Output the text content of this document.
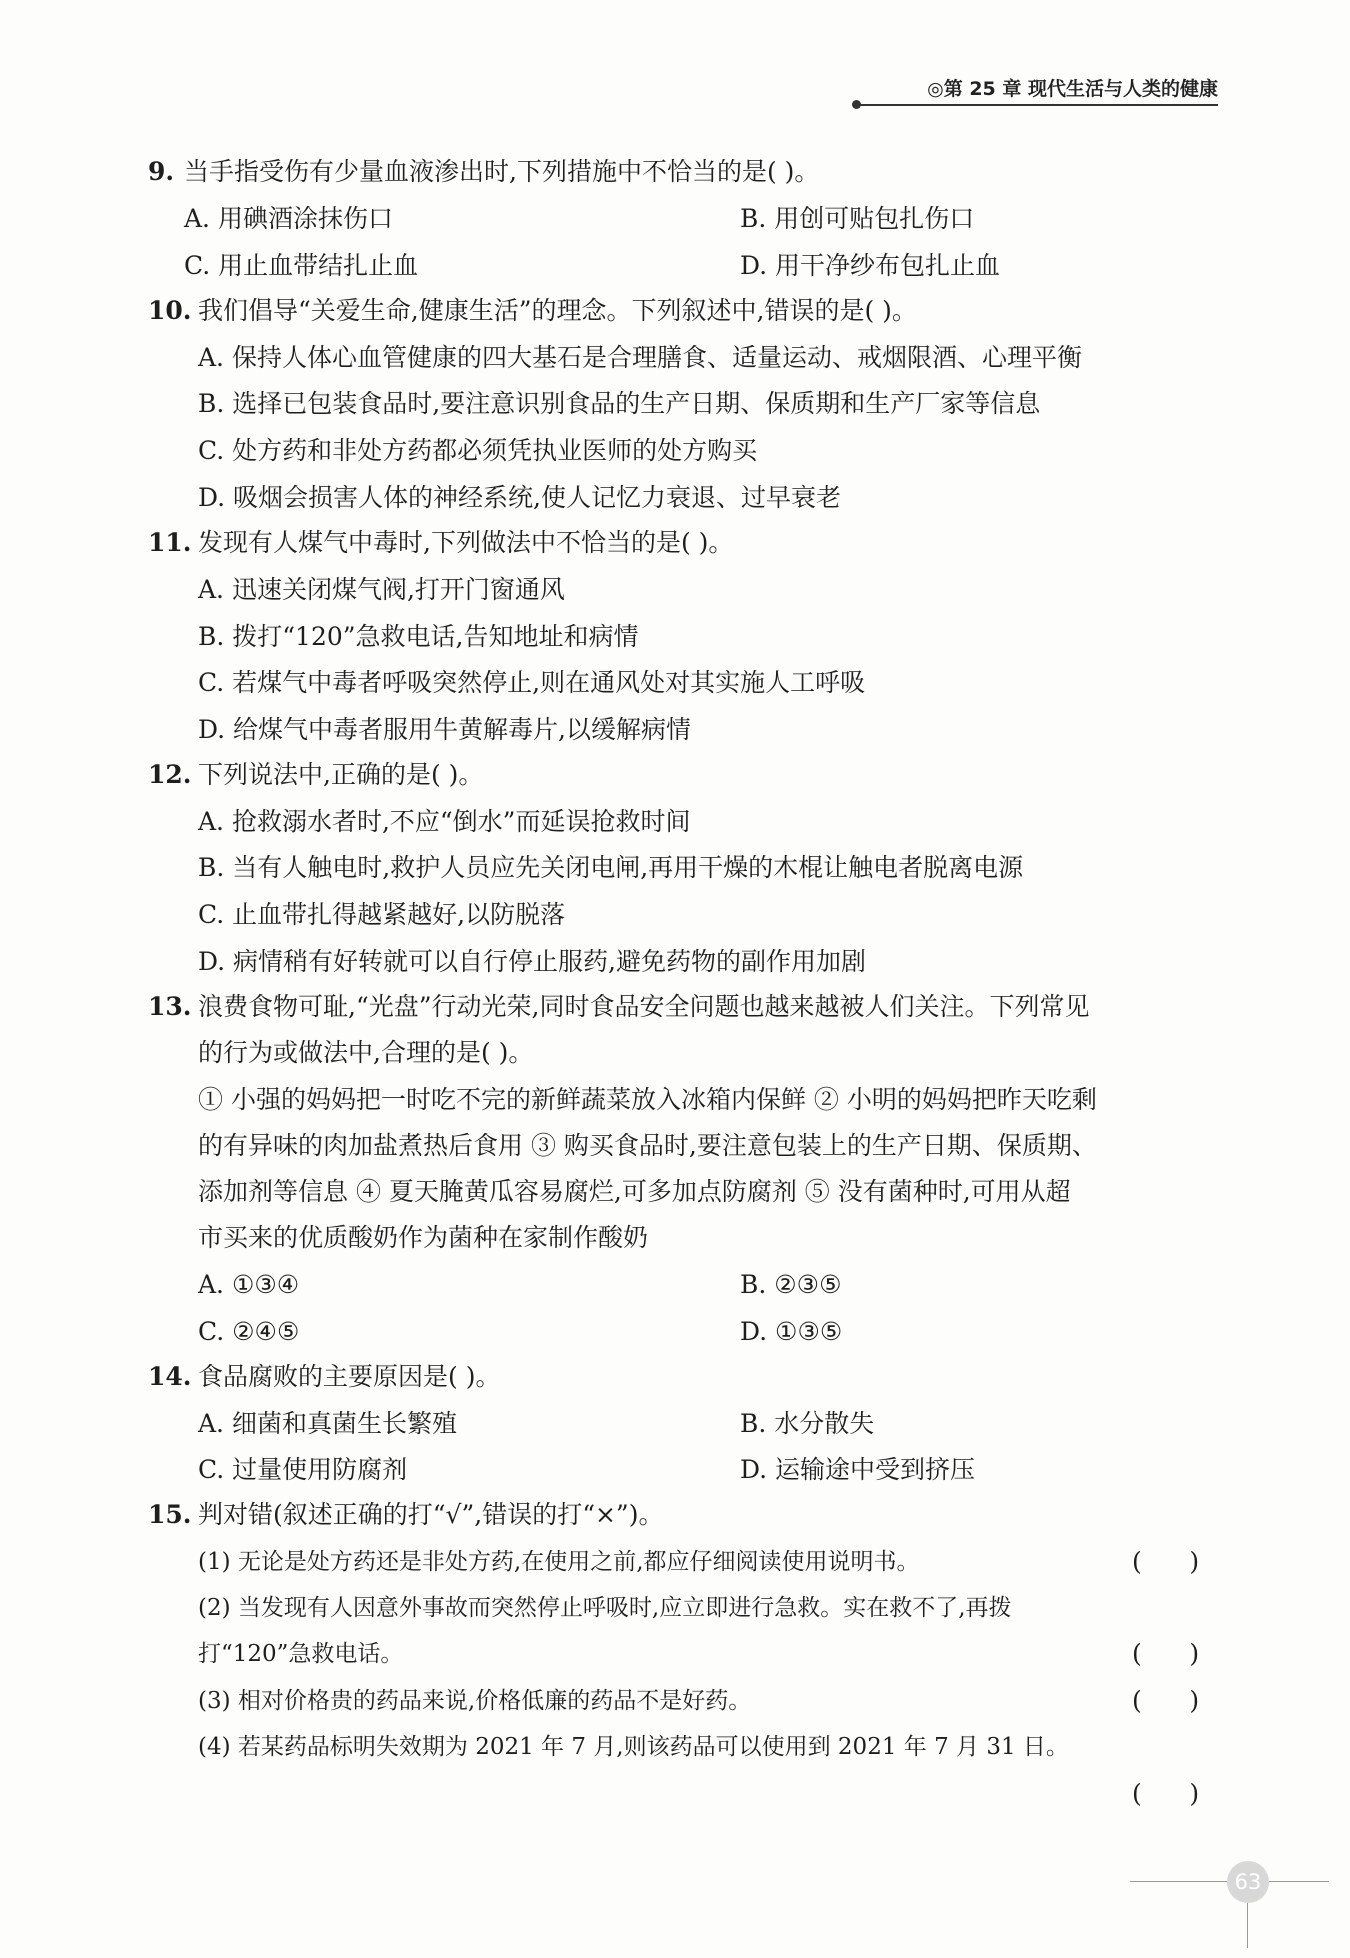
◎第 25 章 现代生活与人类的健康
9. 当手指受伤有少量血液渗出时,下列措施中不恰当的是( )。
A. 用碘酒涂抹伤口	B. 用创可贴包扎伤口
C. 用止血带结扎止血	D. 用干净纱布包扎止血
10. 我们倡导“关爱生命,健康生活”的理念。下列叙述中,错误的是( )。
A. 保持人体心血管健康的四大基石是合理膳食、适量运动、戒烟限酒、心理平衡
B. 选择已包装食品时,要注意识别食品的生产日期、保质期和生产厂家等信息
C. 处方药和非处方药都必须凭执业医师的处方购买
D. 吸烟会损害人体的神经系统,使人记忆力衰退、过早衰老
11. 发现有人煤气中毒时,下列做法中不恰当的是( )。
A. 迅速关闭煤气阀,打开门窗通风
B. 拨打“120”急救电话,告知地址和病情
C. 若煤气中毒者呼吸突然停止,则在通风处对其实施人工呼吸
D. 给煤气中毒者服用牛黄解毒片,以缓解病情
12. 下列说法中,正确的是( )。
A. 抢救溺水者时,不应“倒水”而延误抢救时间
B. 当有人触电时,救护人员应先关闭电闸,再用干燥的木棍让触电者脱离电源
C. 止血带扎得越紧越好,以防脱落
D. 病情稍有好转就可以自行停止服药,避免药物的副作用加剧
13. 浪费食物可耻,“光盘”行动光荣,同时食品安全问题也越来越被人们关注。下列常见
的行为或做法中,合理的是( )。
① 小强的妈妈把一时吃不完的新鲜蔬菜放入冰箱内保鲜 ② 小明的妈妈把昨天吃剩
的有异味的肉加盐煮热后食用 ③ 购买食品时,要注意包装上的生产日期、保质期、
添加剂等信息 ④ 夏天腌黄瓜容易腐烂,可多加点防腐剂 ⑤ 没有菌种时,可用从超
市买来的优质酸奶作为菌种在家制作酸奶
A. ①③④	B. ②③⑤
C. ②④⑤	D. ①③⑤
14. 食品腐败的主要原因是( )。
A. 细菌和真菌生长繁殖	B. 水分散失
C. 过量使用防腐剂	D. 运输途中受到挤压
15. 判对错(叙述正确的打“√”,错误的打“×”)。
(1) 无论是处方药还是非处方药,在使用之前,都应仔细阅读使用说明书。	(      )
(2) 当发现有人因意外事故而突然停止呼吸时,应立即进行急救。实在救不了,再拨
打“120”急救电话。	(      )
(3) 相对价格贵的药品来说,价格低廉的药品不是好药。	(      )
(4) 若某药品标明失效期为 2021 年 7 月,则该药品可以使用到 2021 年 7 月 31 日。
(      )
63
